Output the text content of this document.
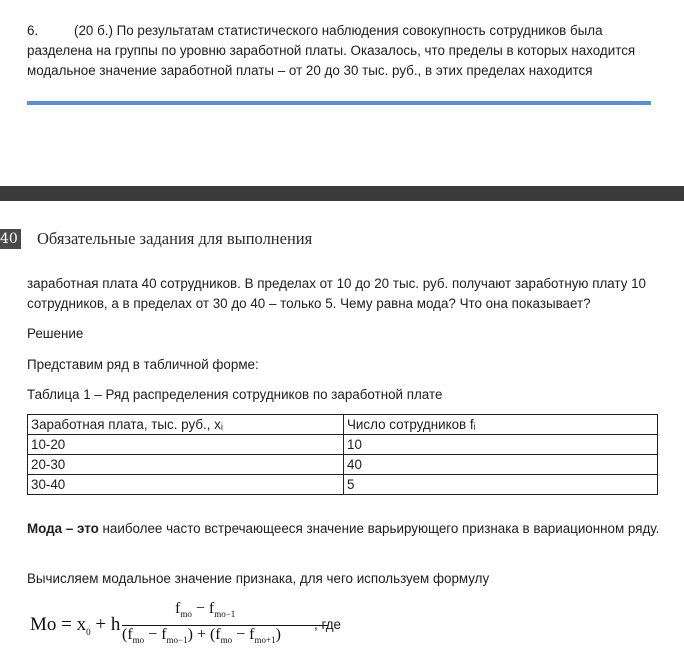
6.	(20 б.) По результатам статистического наблюдения совокупность сотрудников была разделена на группы по уровню заработной платы. Оказалось, что пределы в которых находится модальное значение заработной платы – от 20 до 30 тыс. руб., в этих пределах находится
40 Обязательные задания для выполнения
заработная плата 40 сотрудников. В пределах от 10 до 20 тыс. руб. получают заработную плату 10 сотрудников, а в пределах от 30 до 40 – только 5. Чему равна мода? Что она показывает?
Решение
Представим ряд в табличной форме:
Таблица 1 – Ряд распределения сотрудников по заработной плате
Заработная плата, тыс. руб., xᵢ	Число сотрудников fᵢ
10-20	10
20-30	40
30-40	5
Мода – это наиболее часто встречающееся значение варьирующего признака в вариационном ряду.
Вычисляем модальное значение признака, для чего используем формулу
$Mo = x_0 + h$
$f_{mo} - f_{mo-1}$
$(f_{mo} - f_{mo-1}) + (f_{mo} - f_{mo+1})$
, где
